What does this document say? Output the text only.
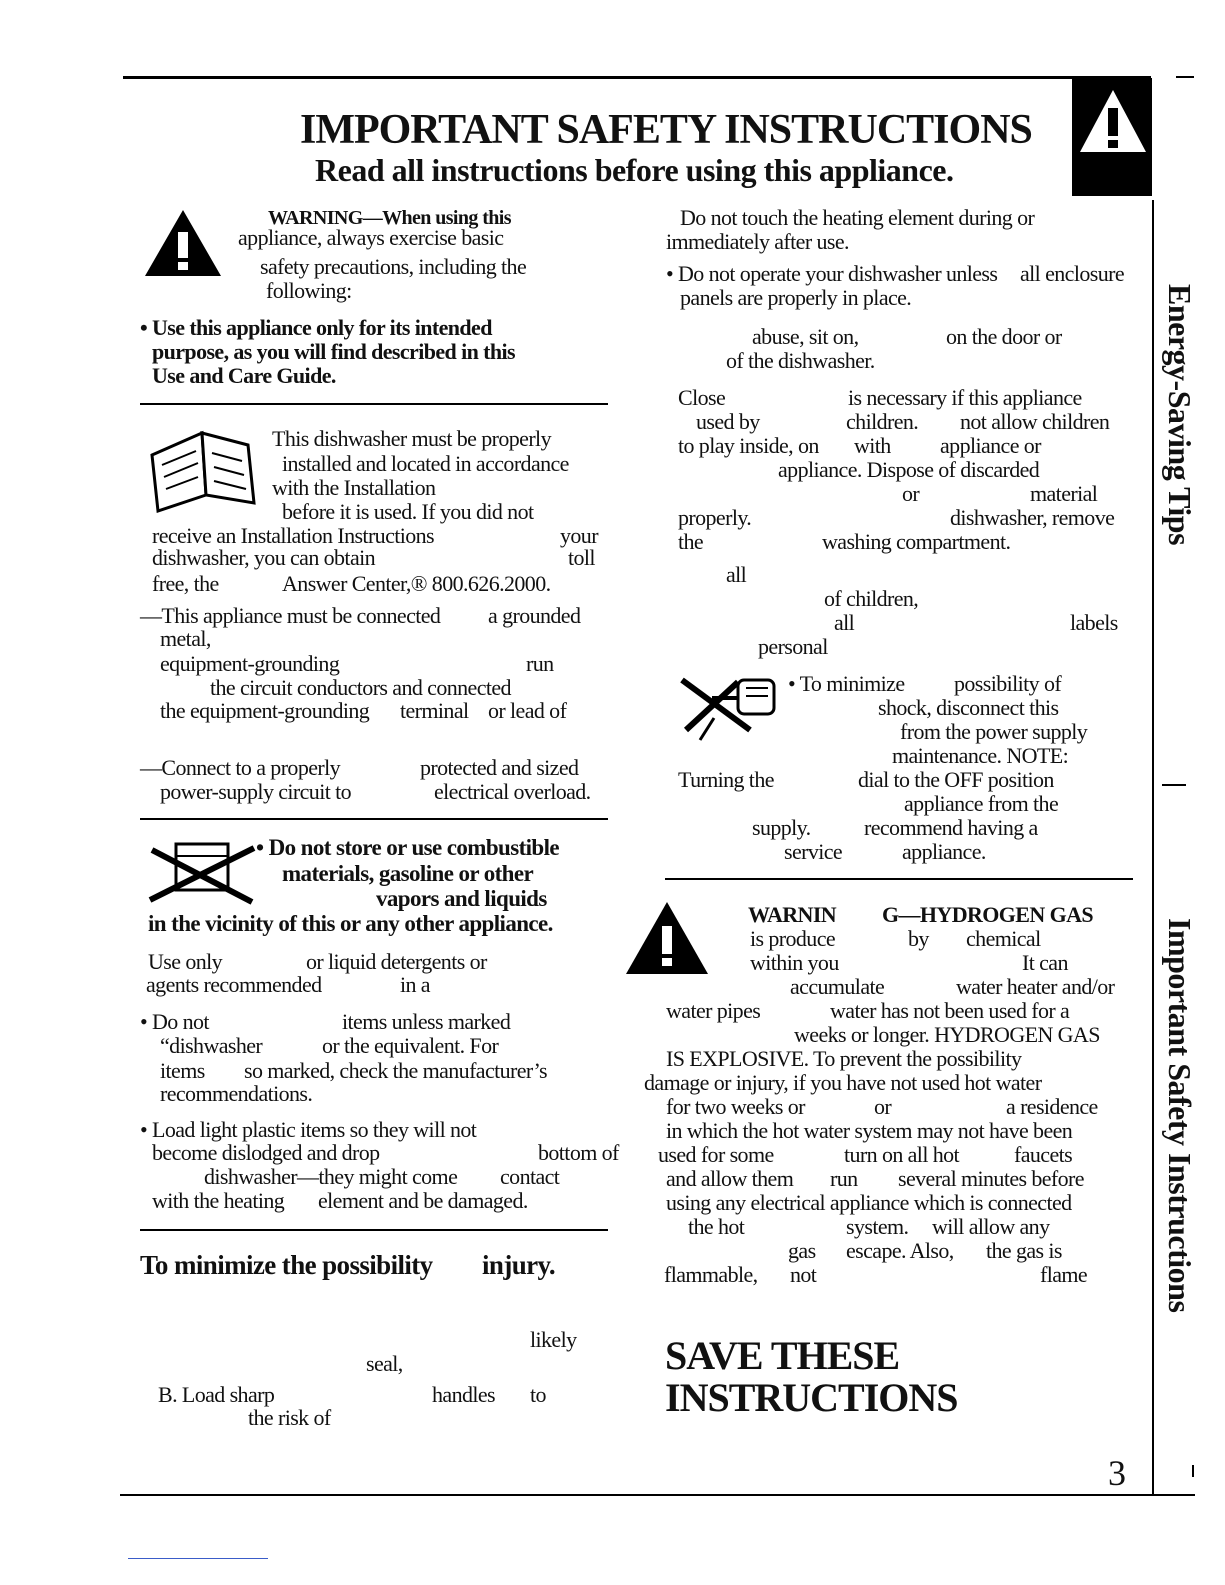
IMPORTANT SAFETY INSTRUCTIONS
Read all instructions before using this appliance.
WARNING—When using this
appliance, always exercise basic
safety precautions, including the
following:
• Use this appliance only for its intended
purpose, as you will find described in this
Use and Care Guide.
This dishwasher must be properly
installed and located in accordance
with the Installation
before it is used. If you did not
receive an Installation Instructions	your
dishwasher, you can obtain	toll
free, the	Answer Center,® 800.626.2000.
—This appliance must be connected a grounded
metal,
equipment-grounding	run
the circuit conductors and connected
the equipment-grounding terminal or lead of
—Connect to a properly	protected and sized
power-supply circuit to	electrical overload.
• Do not store or use combustible
materials, gasoline or other
vapors and liquids
in the vicinity of this or any other appliance.
Use only	or liquid detergents or
agents recommended	in a
• Do not	items unless marked
“dishwasher	or the equivalent. For
items so marked, check the manufacturer’s
recommendations.
• Load light plastic items so they will not
become dislodged and drop	bottom of
dishwasher—they might come contact
with the heating element and be damaged.
To minimize the possibility injury.
likely
seal,
B. Load sharp	handles to
the risk of
Do not touch the heating element during or
immediately after use.
• Do not operate your dishwasher unless all enclosure
panels are properly in place.
abuse, sit on,	on the door or
of the dishwasher.
Close	is necessary if this appliance
used by	children. not allow children
to play inside, on with appliance or
appliance. Dispose of discarded
or	material
properly.	dishwasher, remove
the	washing compartment.
all
of children,
all	labels
personal
• To minimize possibility of
shock, disconnect this
from the power supply
maintenance. NOTE:
Turning the	dial to the OFF position
appliance from the
supply. recommend having a
service	appliance.
WARNIN G—HYDROGEN GAS
is produce	by chemical
within you	It can
accumulate	water heater and/or
water pipes	water has not been used for a
weeks or longer. HYDROGEN GAS
IS EXPLOSIVE. To prevent the possibility
damage or injury, if you have not used hot water
for two weeks or	or	a residence
in which the hot water system may not have been
used for some	turn on all hot faucets
and allow them run several minutes before
using any electrical appliance which is connected
the hot	system. will allow any
gas escape. Also, the gas is
flammable, not	flame
SAVE THESE
INSTRUCTIONS
Energy-Saving Tips
Important Safety Instructions
3
